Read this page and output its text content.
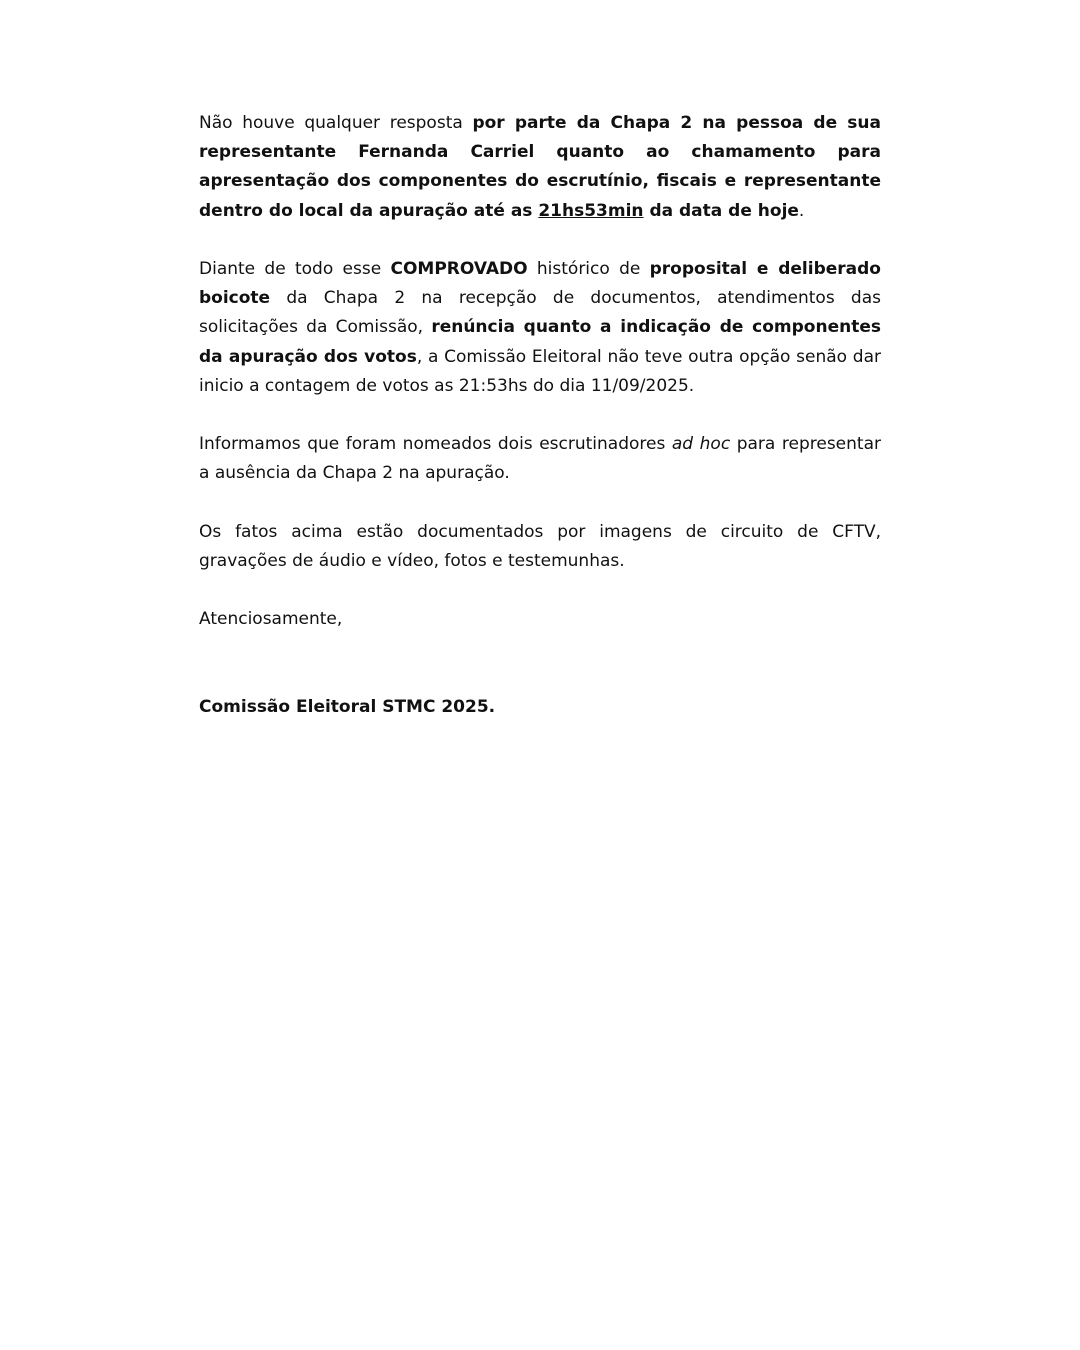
Não houve qualquer resposta por parte da Chapa 2 na pessoa de sua representante Fernanda Carriel quanto ao chamamento para apresentação dos componentes do escrutínio, fiscais e representante dentro do local da apuração até as 21hs53min da data de hoje.

Diante de todo esse COMPROVADO histórico de proposital e deliberado boicote da Chapa 2 na recepção de documentos, atendimentos das solicitações da Comissão, renúncia quanto a indicação de componentes da apuração dos votos, a Comissão Eleitoral não teve outra opção senão dar inicio a contagem de votos as 21:53hs do dia 11/09/2025.

Informamos que foram nomeados dois escrutinadores ad hoc para representar a ausência da Chapa 2 na apuração.

Os fatos acima estão documentados por imagens de circuito de CFTV, gravações de áudio e vídeo, fotos e testemunhas.

Atenciosamente,

Comissão Eleitoral STMC 2025.
